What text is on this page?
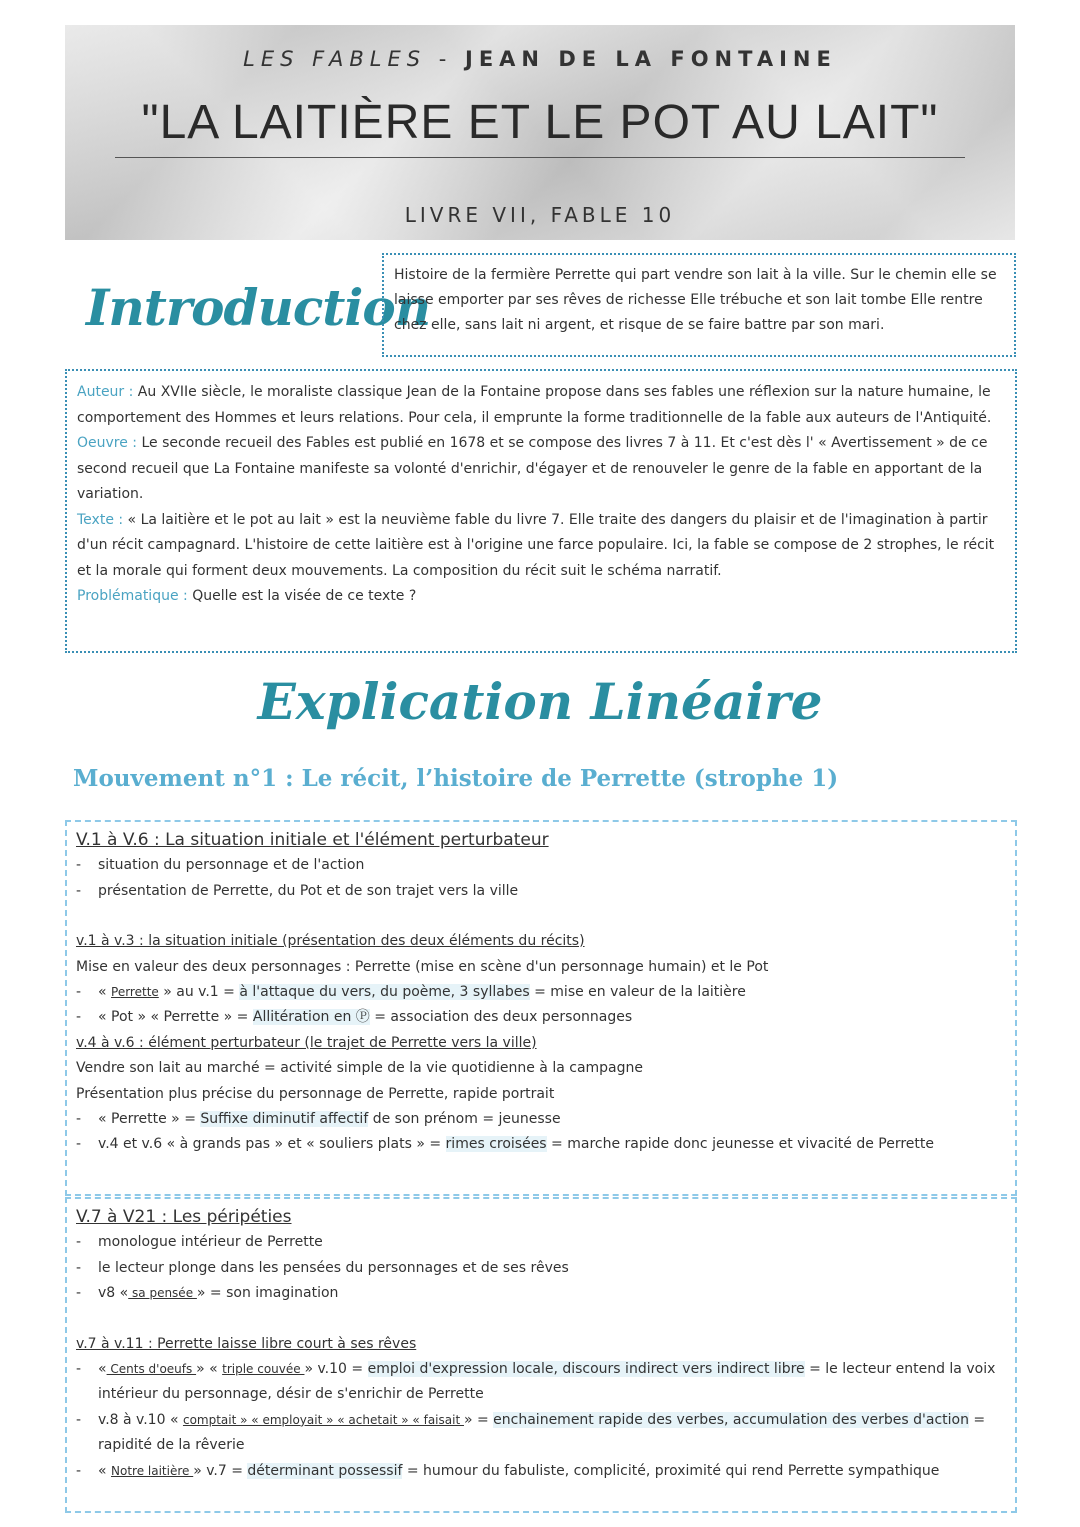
LES FABLES - JEAN DE LA FONTAINE
"LA LAITIÈRE ET LE POT AU LAIT"
LIVRE VII, FABLE 10
Introduction
Histoire de la fermière Perrette qui part vendre son lait à la ville. Sur le chemin elle se laisse emporter par ses rêves de richesse Elle trébuche et son lait tombe Elle rentre chez elle, sans lait ni argent, et risque de se faire battre par son mari.
Auteur : Au XVIIe siècle, le moraliste classique Jean de la Fontaine propose dans ses fables une réflexion sur la nature humaine, le comportement des Hommes et leurs relations. Pour cela, il emprunte la forme traditionnelle de la fable aux auteurs de l'Antiquité.
Oeuvre : Le seconde recueil des Fables est publié en 1678 et se compose des livres 7 à 11. Et c'est dès l' « Avertissement » de ce second recueil que La Fontaine manifeste sa volonté d'enrichir, d'égayer et de renouveler le genre de la fable en apportant de la variation.
Texte : « La laitière et le pot au lait » est la neuvième fable du livre 7. Elle traite des dangers du plaisir et de l'imagination à partir d'un récit campagnard. L'histoire de cette laitière est à l'origine une farce populaire. Ici, la fable se compose de 2 strophes, le récit et la morale qui forment deux mouvements. La composition du récit suit le schéma narratif.
Problématique : Quelle est la visée de ce texte ?
Explication Linéaire
Mouvement n°1 : Le récit, l’histoire de Perrette (strophe 1)
V.1 à V.6 : La situation initiale et l'élément perturbateur
- situation du personnage et de l'action
- présentation de Perrette, du Pot et de son trajet vers la ville
v.1 à v.3 : la situation initiale (présentation des deux éléments du récits)
Mise en valeur des deux personnages : Perrette (mise en scène d'un personnage humain) et le Pot
- « Perrette » au v.1 = à l'attaque du vers, du poème, 3 syllabes = mise en valeur de la laitière
- « Pot » « Perrette » = Allitération en Ⓟ = association des deux personnages
v.4 à v.6 : élément perturbateur (le trajet de Perrette vers la ville)
Vendre son lait au marché = activité simple de la vie quotidienne à la campagne
Présentation plus précise du personnage de Perrette, rapide portrait
- « Perrette » = Suffixe diminutif affectif de son prénom = jeunesse
- v.4 et v.6 « à grands pas » et « souliers plats » = rimes croisées = marche rapide donc jeunesse et vivacité de Perrette
V.7 à V21 : Les péripéties
- monologue intérieur de Perrette
- le lecteur plonge dans les pensées du personnages et de ses rêves
- v8 « sa pensée » = son imagination
v.7 à v.11 : Perrette laisse libre court à ses rêves
- « Cents d'oeufs » « triple couvée » v.10 = emploi d'expression locale, discours indirect vers indirect libre = le lecteur entend la voix intérieur du personnage, désir de s'enrichir de Perrette
- v.8 à v.10 « comptait » « employait » « achetait » « faisait » = enchainement rapide des verbes, accumulation des verbes d'action = rapidité de la rêverie
- « Notre laitière » v.7 = déterminant possessif = humour du fabuliste, complicité, proximité qui rend Perrette sympathique
